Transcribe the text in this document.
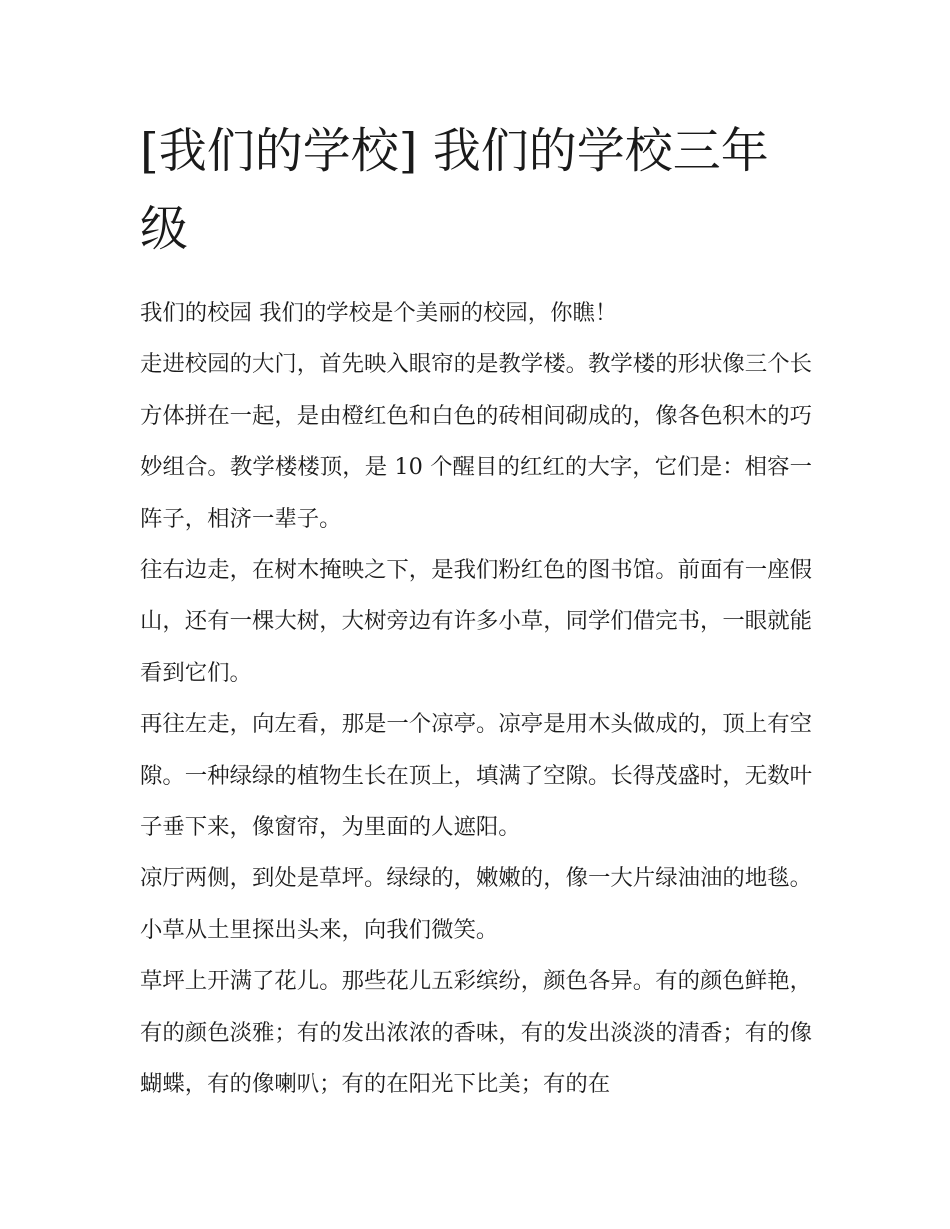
[我们的学校] 我们的学校三年级

我们的校园 我们的学校是个美丽的校园，你瞧！

走进校园的大门，首先映入眼帘的是教学楼。教学楼的形状像三个长方体拼在一起，是由橙红色和白色的砖相间砌成的，像各色积木的巧妙组合。教学楼楼顶，是 10 个醒目的红红的大字，它们是：相容一阵子，相济一辈子。

往右边走，在树木掩映之下，是我们粉红色的图书馆。前面有一座假山，还有一棵大树，大树旁边有许多小草，同学们借完书，一眼就能看到它们。

再往左走，向左看，那是一个凉亭。凉亭是用木头做成的，顶上有空隙。一种绿绿的植物生长在顶上，填满了空隙。长得茂盛时，无数叶子垂下来，像窗帘，为里面的人遮阳。

凉厅两侧，到处是草坪。绿绿的，嫩嫩的，像一大片绿油油的地毯。小草从土里探出头来，向我们微笑。

草坪上开满了花儿。那些花儿五彩缤纷，颜色各异。有的颜色鲜艳，有的颜色淡雅；有的发出浓浓的香味，有的发出淡淡的清香；有的像蝴蝶，有的像喇叭；有的在阳光下比美；有的在
